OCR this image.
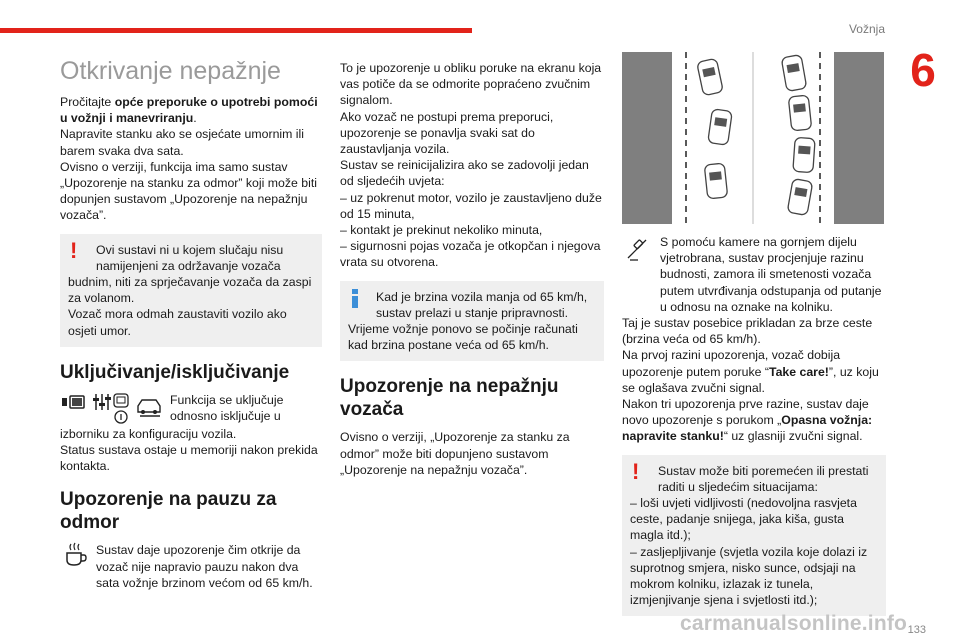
Vožnja
6
Otkrivanje nepažnje

Pročitajte opće preporuke o upotrebi pomoći u vožnji i manevriranju.

Napravite stanku ako se osjećate umornim ili barem svaka dva sata.

Ovisno o verziji, funkcija ima samo sustav „Upozorenje na stanku za odmor” koji može biti dopunjen sustavom „Upozorenje na nepažnju vozača”.

!	Ovi sustavi ni u kojem slučaju nisu namijenjeni za održavanje vozača

budnim, niti za sprječavanje vozača da zaspi za volanom.

Vozač mora odmah zaustaviti vozilo ako osjeti umor.

Uključivanje/isključivanje
Funkcija se uključuje odnosno isključuje u

izborniku za konfiguraciju vozila.

Status sustava ostaje u memoriji nakon prekida kontakta.

Upozorenje na pauzu za odmor
Sustav daje upozorenje čim otkrije da vozač nije napravio pauzu nakon dva sata vožnje brzinom većom od 65 km/h.

To je upozorenje u obliku poruke na ekranu koja vas potiče da se odmorite popraćeno zvučnim signalom.

Ako vozač ne postupi prema preporuci, upozorenje se ponavlja svaki sat do zaustavljanja vozila.

Sustav se reinicijalizira ako se zadovolji jedan od sljedećih uvjeta:

– uz pokrenut motor, vozilo je zaustavljeno duže od 15 minuta,

– kontakt je prekinut nekoliko minuta,

– sigurnosni pojas vozača je otkopčan i njegova vrata su otvorena.

Kad je brzina vozila manja od 65 km/h, sustav prelazi u stanje pripravnosti.

Vrijeme vožnje ponovo se počinje računati kad brzina postane veća od 65 km/h.

Upozorenje na nepažnju vozača

Ovisno o verziji, „Upozorenje za stanku za odmor” može biti dopunjeno sustavom „Upozorenje na nepažnju vozača”.

S pomoću kamere na gornjem dijelu vjetrobrana, sustav procjenjuje razinu budnosti, zamora ili smetenosti vozača putem utvrđivanja odstupanja od putanje u odnosu na oznake na kolniku.

Taj je sustav posebice prikladan za brze ceste (brzina veća od 65 km/h).

Na prvoj razini upozorenja, vozač dobija upozorenje putem poruke “Take care!”, uz koju se oglašava zvučni signal.

Nakon tri upozorenja prve razine, sustav daje novo upozorenje s porukom „Opasna vožnja: napravite stanku!“ uz glasniji zvučni signal.

!	Sustav može biti poremećen ili prestati raditi u sljedećim situacijama:

– loši uvjeti vidljivosti (nedovoljna rasvjeta ceste, padanje snijega, jaka kiša, gusta magla itd.);

– zasljepljivanje (svjetla vozila koje dolazi iz suprotnog smjera, nisko sunce, odsjaji na mokrom kolniku, izlazak iz tunela, izmjenjivanje sjena i svjetlosti itd.);

133
carmanualsonline.info
